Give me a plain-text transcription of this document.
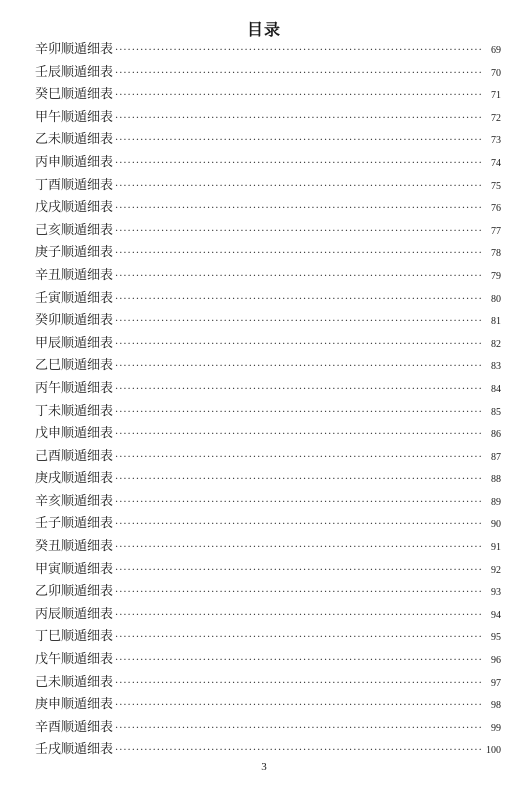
目录
辛卯顺遁细表 ·····	69
壬辰顺遁细表 ·····	70
癸巳顺遁细表 ·····	71
甲午顺遁细表 ·····	72
乙未顺遁细表 ·····	73
丙申顺遁细表 ·····	74
丁酉顺遁细表 ·····	75
戊戌顺遁细表 ·····	76
己亥顺遁细表 ·····	77
庚子顺遁细表 ·····	78
辛丑顺遁细表 ·····	79
壬寅顺遁细表 ·····	80
癸卯顺遁细表 ·····	81
甲辰顺遁细表 ·····	82
乙巳顺遁细表 ·····	83
丙午顺遁细表 ·····	84
丁未顺遁细表 ·····	85
戊申顺遁细表 ·····	86
己酉顺遁细表 ·····	87
庚戌顺遁细表 ·····	88
辛亥顺遁细表 ·····	89
壬子顺遁细表 ·····	90
癸丑顺遁细表 ·····	91
甲寅顺遁细表 ·····	92
乙卯顺遁细表 ·····	93
丙辰顺遁细表 ·····	94
丁巳顺遁细表 ·····	95
戊午顺遁细表 ·····	96
己未顺遁细表 ·····	97
庚申顺遁细表 ·····	98
辛酉顺遁细表 ·····	99
壬戌顺遁细表 ·····	100
3
